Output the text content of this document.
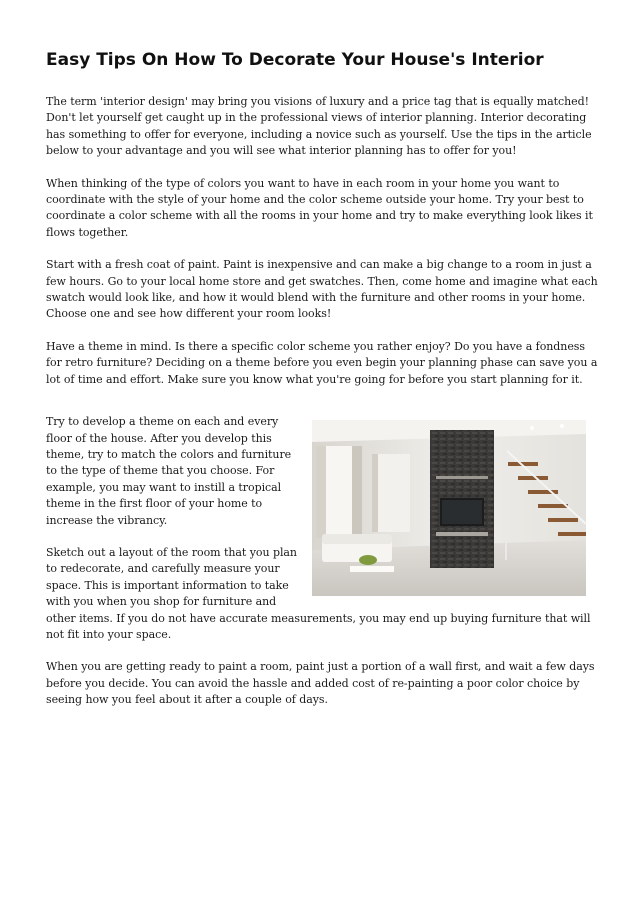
Easy Tips On How To Decorate Your House's Interior

The term 'interior design' may bring you visions of luxury and a price tag that is equally matched! Don't let yourself get caught up in the professional views of interior planning. Interior decorating has something to offer for everyone, including a novice such as yourself. Use the tips in the article below to your advantage and you will see what interior planning has to offer for you!

When thinking of the type of colors you want to have in each room in your home you want to coordinate with the style of your home and the color scheme outside your home. Try your best to coordinate a color scheme with all the rooms in your home and try to make everything look likes it flows together.

Start with a fresh coat of paint. Paint is inexpensive and can make a big change to a room in just a few hours. Go to your local home store and get swatches. Then, come home and imagine what each swatch would look like, and how it would blend with the furniture and other rooms in your home. Choose one and see how different your room looks!

Have a theme in mind. Is there a specific color scheme you rather enjoy? Do you have a fondness for retro furniture? Deciding on a theme before you even begin your planning phase can save you a lot of time and effort. Make sure you know what you're going for before you start planning for it.

Try to develop a theme on each and every floor of the house. After you develop this theme, try to match the colors and furniture to the type of theme that you choose. For example, you may want to instill a tropical theme in the first floor of your home to increase the vibrancy.

Sketch out a layout of the room that you plan to redecorate, and carefully measure your space. This is important information to take with you when you shop for furniture and other items. If you do not have accurate measurements, you may end up buying furniture that will not fit into your space.

When you are getting ready to paint a room, paint just a portion of a wall first, and wait a few days before you decide. You can avoid the hassle and added cost of re-painting a poor color choice by seeing how you feel about it after a couple of days.
